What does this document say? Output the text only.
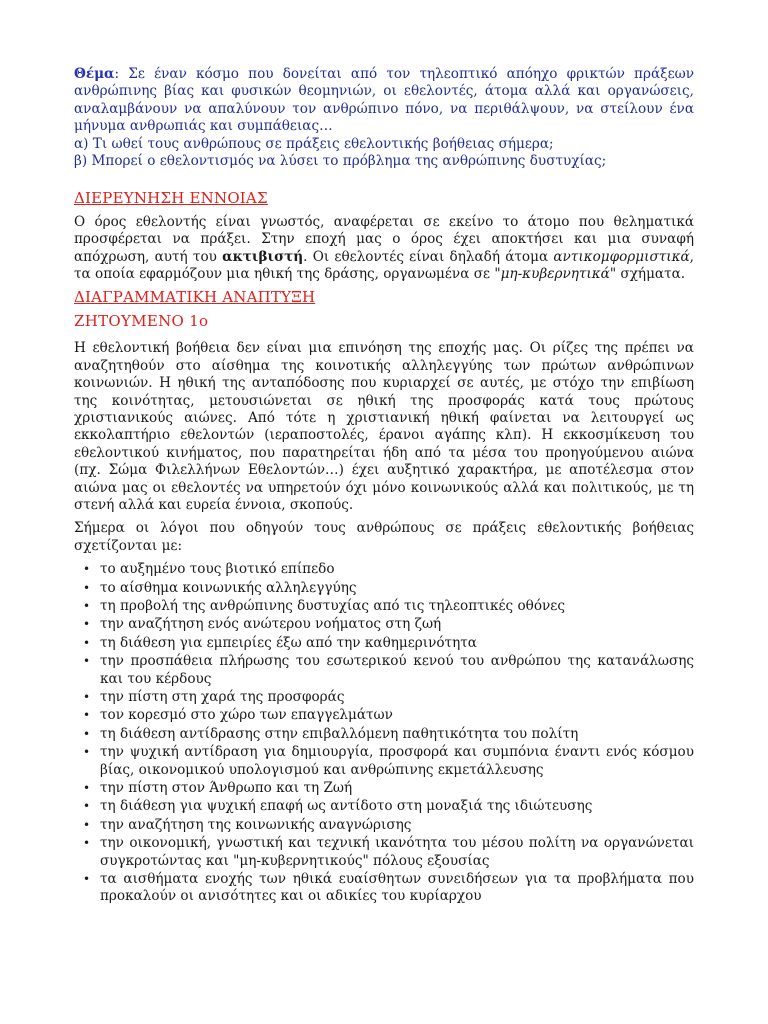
Θέμα: Σε έναν κόσμο που δονείται από τον τηλεοπτικό απόηχο φρικτών πράξεων ανθρώπινης βίας και φυσικών θεομηνιών, οι εθελοντές, άτομα αλλά και οργανώσεις, αναλαμβάνουν να απαλύνουν τον ανθρώπινο πόνο, να περιθάλψουν, να στείλουν ένα μήνυμα ανθρωπιάς και συμπάθειας…
α) Τι ωθεί τους ανθρώπους σε πράξεις εθελοντικής βοήθειας σήμερα;
β) Μπορεί ο εθελοντισμός να λύσει το πρόβλημα της ανθρώπινης δυστυχίας;
ΔΙΕΡΕΥΝΗΣΗ ΕΝΝΟΙΑΣ

Ο όρος εθελοντής είναι γνωστός, αναφέρεται σε εκείνο το άτομο που θεληματικά προσφέρεται να πράξει. Στην εποχή μας ο όρος έχει αποκτήσει και μια συναφή απόχρωση, αυτή του ακτιβιστή. Οι εθελοντές είναι δηλαδή άτομα αντικομφορμιστικά, τα οποία εφαρμόζουν μια ηθική της δράσης, οργανωμένα σε "μη-κυβερνητικά" σχήματα.

ΔΙΑΓΡΑΜΜΑΤΙΚΗ ΑΝΑΠΤΥΞΗ
ΖΗΤΟΥΜΕΝΟ 1ο

Η εθελοντική βοήθεια δεν είναι μια επινόηση της εποχής μας. Οι ρίζες της πρέπει να αναζητηθούν στο αίσθημα της κοινοτικής αλληλεγγύης των πρώτων ανθρώπινων κοινωνιών. Η ηθική της ανταπόδοσης που κυριαρχεί σε αυτές, με στόχο την επιβίωση της κοινότητας, μετουσιώνεται σε ηθική της προσφοράς κατά τους πρώτους χριστιανικούς αιώνες. Από τότε η χριστιανική ηθική φαίνεται να λειτουργεί ως εκκολαπτήριο εθελοντών (ιεραποστολές, έρανοι αγάπης κλπ). Η εκκοσμίκευση του εθελοντικού κινήματος, που παρατηρείται ήδη από τα μέσα του προηγούμενου αιώνα (πχ. Σώμα Φιλελλήνων Εθελοντών…) έχει αυξητικό χαρακτήρα, με αποτέλεσμα στον αιώνα μας οι εθελοντές να υπηρετούν όχι μόνο κοινωνικούς αλλά και πολιτικούς, με τη στενή αλλά και ευρεία έννοια, σκοπούς.

Σήμερα οι λόγοι που οδηγούν τους ανθρώπους σε πράξεις εθελοντικής βοήθειας σχετίζονται με:

• το αυξημένο τους βιοτικό επίπεδο
• το αίσθημα κοινωνικής αλληλεγγύης
• τη προβολή της ανθρώπινης δυστυχίας από τις τηλεοπτικές οθόνες
• την αναζήτηση ενός ανώτερου νοήματος στη ζωή
• τη διάθεση για εμπειρίες έξω από την καθημερινότητα
• την προσπάθεια πλήρωσης του εσωτερικού κενού του ανθρώπου της κατανάλωσης και του κέρδους
• την πίστη στη χαρά της προσφοράς
• τον κορεσμό στο χώρο των επαγγελμάτων
• τη διάθεση αντίδρασης στην επιβαλλόμενη παθητικότητα του πολίτη
• την ψυχική αντίδραση για δημιουργία, προσφορά και συμπόνια έναντι ενός κόσμου βίας, οικονομικού υπολογισμού και ανθρώπινης εκμετάλλευσης
• την πίστη στον Άνθρωπο και τη Ζωή
• τη διάθεση για ψυχική επαφή ως αντίδοτο στη μοναξιά της ιδιώτευσης
• την αναζήτηση της κοινωνικής αναγνώρισης
• την οικονομική, γνωστική και τεχνική ικανότητα του μέσου πολίτη να οργανώνεται συγκροτώντας και "μη-κυβερνητικούς" πόλους εξουσίας
• τα αισθήματα ενοχής των ηθικά ευαίσθητων συνειδήσεων για τα προβλήματα που προκαλούν οι ανισότητες και οι αδικίες του κυρίαρχου
